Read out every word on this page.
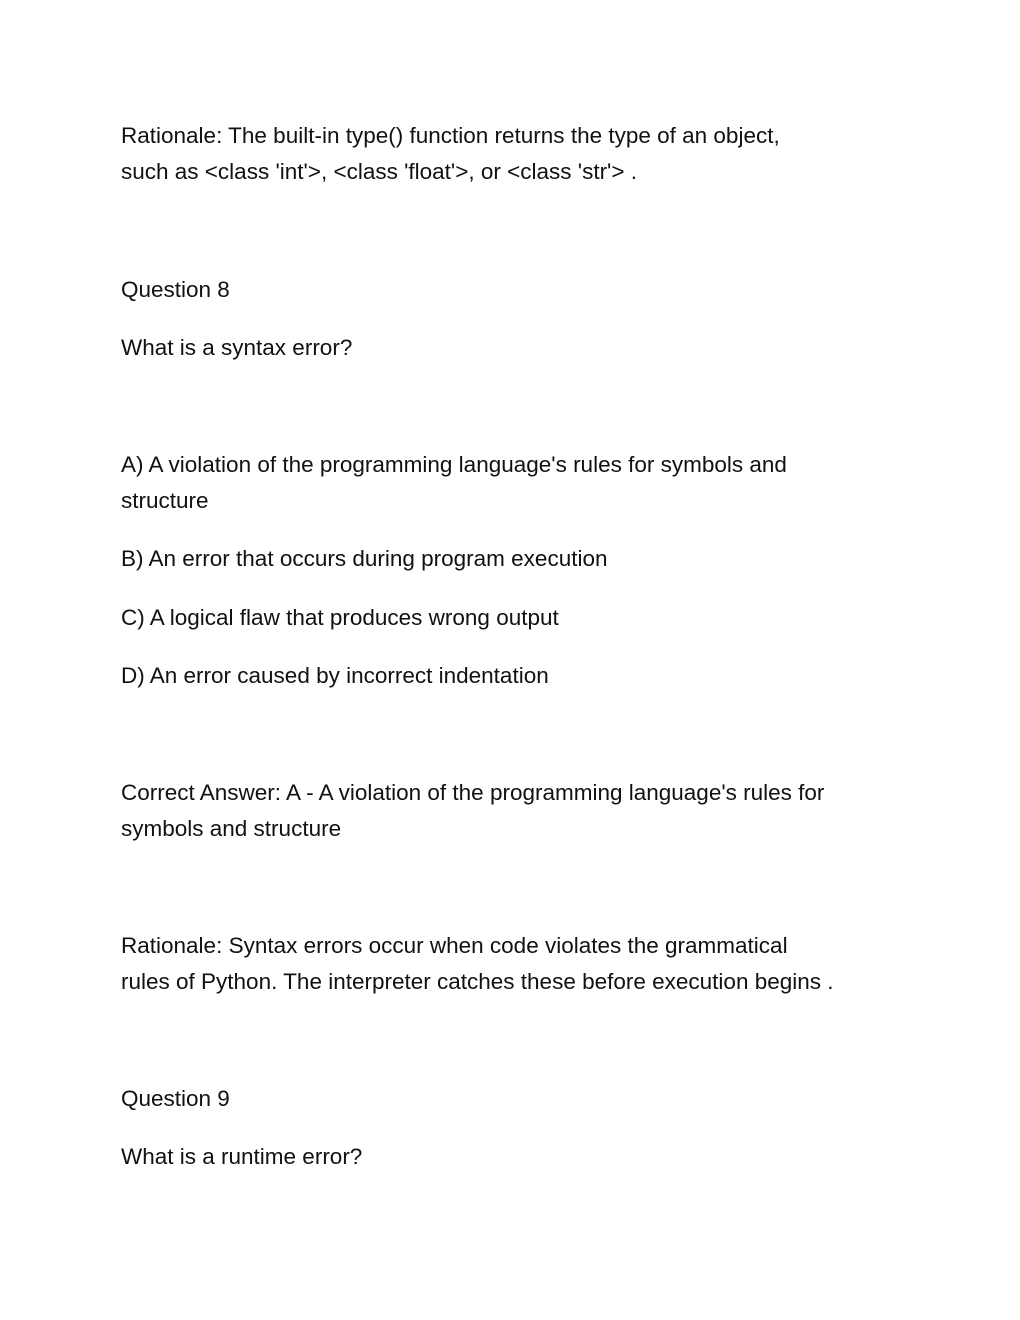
Rationale: The built-in type() function returns the type of an object,
such as <class 'int'>, <class 'float'>, or <class 'str'> .

Question 8

What is a syntax error?

A) A violation of the programming language's rules for symbols and
structure

B) An error that occurs during program execution

C) A logical flaw that produces wrong output

D) An error caused by incorrect indentation

Correct Answer: A - A violation of the programming language's rules for
symbols and structure

Rationale: Syntax errors occur when code violates the grammatical
rules of Python. The interpreter catches these before execution begins .

Question 9

What is a runtime error?
